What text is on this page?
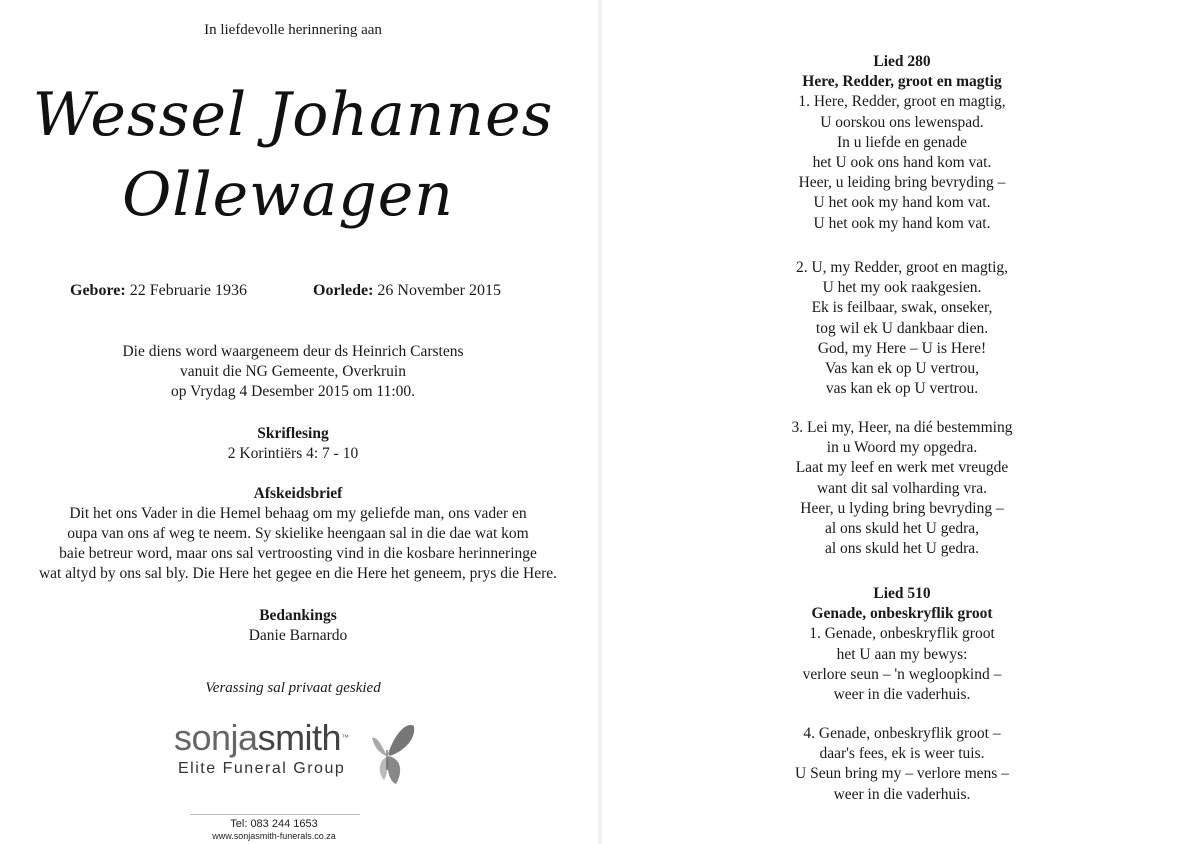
In liefdevolle herinnering aan
Wessel Johannes
Ollewagen
Gebore: 22 Februarie 1936	Oorlede: 26 November 2015
Die diens word waargeneem deur ds Heinrich Carstens
vanuit die NG Gemeente, Overkruin
op Vrydag 4 Desember 2015 om 11:00.
Skriflesing
2 Korintiërs 4: 7 - 10
Afskeidsbrief
Dit het ons Vader in die Hemel behaag om my geliefde man, ons vader en
oupa van ons af weg te neem. Sy skielike heengaan sal in die dae wat kom
baie betreur word, maar ons sal vertroosting vind in die kosbare herinneringe
wat altyd by ons sal bly. Die Here het gegee en die Here het geneem, prys die Here.
Bedankings
Danie Barnardo
Verassing sal privaat geskied
sonjasmith™
Elite Funeral Group
Tel: 083 244 1653
www.sonjasmith-funerals.co.za
Lied 280
Here, Redder, groot en magtig
1. Here, Redder, groot en magtig,
U oorskou ons lewenspad.
In u liefde en genade
het U ook ons hand kom vat.
Heer, u leiding bring bevryding –
U het ook my hand kom vat.
U het ook my hand kom vat.
2. U, my Redder, groot en magtig,
U het my ook raakgesien.
Ek is feilbaar, swak, onseker,
tog wil ek U dankbaar dien.
God, my Here – U is Here!
Vas kan ek op U vertrou,
vas kan ek op U vertrou.
3. Lei my, Heer, na dié bestemming
in u Woord my opgedra.
Laat my leef en werk met vreugde
want dit sal volharding vra.
Heer, u lyding bring bevryding –
al ons skuld het U gedra,
al ons skuld het U gedra.
Lied 510
Genade, onbeskryflik groot
1. Genade, onbeskryflik groot
het U aan my bewys:
verlore seun – 'n wegloopkind –
weer in die vaderhuis.
4. Genade, onbeskryflik groot –
daar's fees, ek is weer tuis.
U Seun bring my – verlore mens –
weer in die vaderhuis.
